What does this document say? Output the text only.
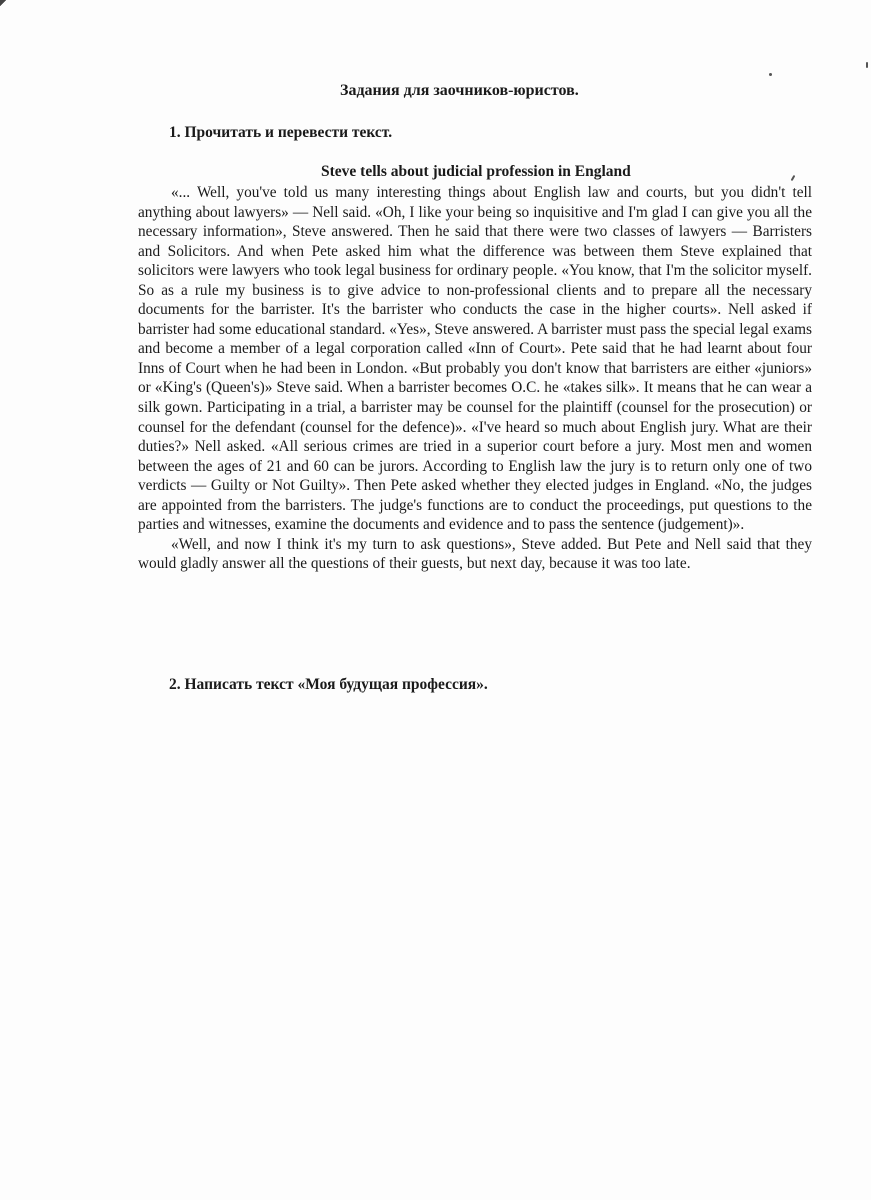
Задания для заочников-юристов.
1. Прочитать и перевести текст.
Steve tells about judicial profession in England

«... Well, you've told us many interesting things about English law and courts, but you didn't tell anything about lawyers» — Nell said. «Oh, I like your being so inquisitive and I'm glad I can give you all the necessary information», Steve answered. Then he said that there were two classes of lawyers — Barristers and Solicitors. And when Pete asked him what the difference was between them Steve explained that solicitors were lawyers who took legal business for ordinary people. «You know, that I'm the solicitor myself. So as a rule my business is to give advice to non-professional clients and to prepare all the necessary documents for the barrister. It's the barrister who conducts the case in the higher courts». Nell asked if barrister had some educational standard. «Yes», Steve answered. A barrister must pass the special legal exams and become a member of a legal corporation called «Inn of Court». Pete said that he had learnt about four Inns of Court when he had been in London. «But probably you don't know that barristers are either «juniors» or «King's (Queen's)» Steve said. When a barrister becomes O.C. he «takes silk». It means that he can wear a silk gown. Participating in a trial, a barrister may be counsel for the plaintiff (counsel for the prosecution) or counsel for the defendant (counsel for the defence)». «I've heard so much about English jury. What are their duties?» Nell asked. «All serious crimes are tried in a superior court before a jury. Most men and women between the ages of 21 and 60 can be jurors. According to English law the jury is to return only one of two verdicts — Guilty or Not Guilty». Then Pete asked whether they elected judges in England. «No, the judges are appointed from the barristers. The judge's functions are to conduct the proceedings, put questions to the parties and witnesses, examine the documents and evidence and to pass the sentence (judgement)».

«Well, and now I think it's my turn to ask questions», Steve added. But Pete and Nell said that they would gladly answer all the questions of their guests, but next day, because it was too late.

2. Написать текст «Моя будущая профессия».
